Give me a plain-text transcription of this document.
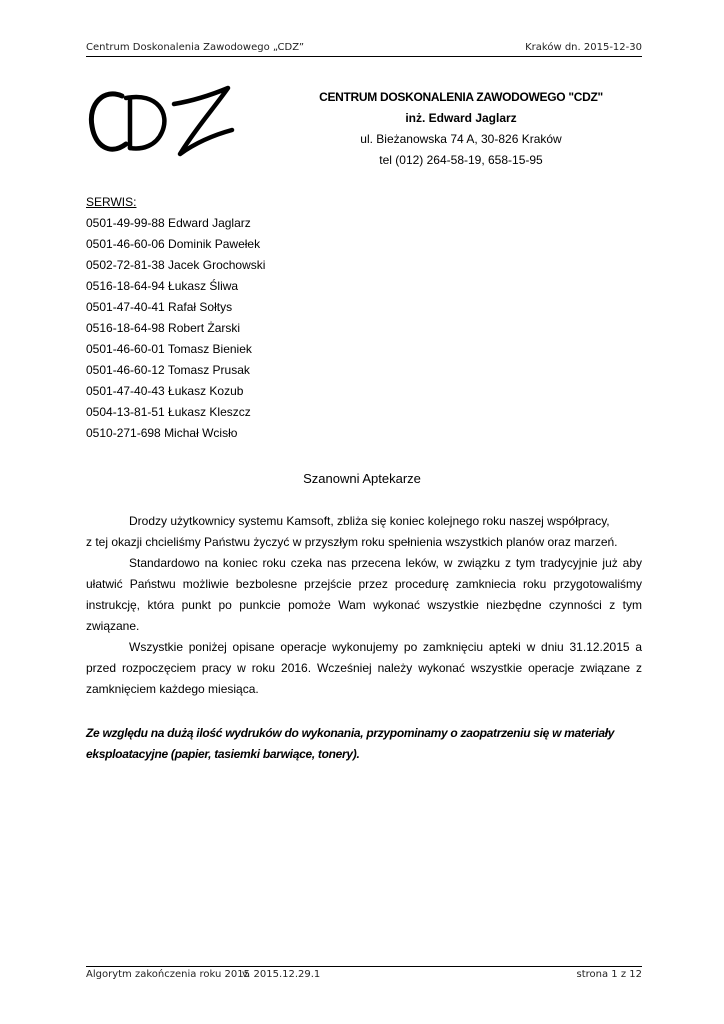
Centrum Doskonalenia Zawodowego „CDZ”	Kraków dn. 2015-12-30
CENTRUM DOSKONALENIA ZAWODOWEGO "CDZ"
inż. Edward Jaglarz
ul. Bieżanowska 74 A, 30-826 Kraków
tel (012) 264-58-19, 658-15-95
SERWIS:
0501-49-99-88 Edward Jaglarz
0501-46-60-06 Dominik Pawełek
0502-72-81-38 Jacek Grochowski
0516-18-64-94 Łukasz Śliwa
0501-47-40-41 Rafał Sołtys
0516-18-64-98 Robert Żarski
0501-46-60-01 Tomasz Bieniek
0501-46-60-12 Tomasz Prusak
0501-47-40-43 Łukasz Kozub
0504-13-81-51 Łukasz Kleszcz
0510-271-698 Michał Wcisło
Szanowni Aptekarze

Drodzy użytkownicy systemu Kamsoft, zbliża się koniec kolejnego roku naszej współpracy,

z tej okazji chcieliśmy Państwu życzyć w przyszłym roku spełnienia wszystkich planów oraz marzeń.

Standardowo na koniec roku czeka nas przecena leków, w związku z tym tradycyjnie już aby ułatwić Państwu możliwie bezbolesne przejście przez procedurę zamkniecia roku przygotowaliśmy instrukcję, która punkt po punkcie pomoże Wam wykonać wszystkie niezbędne czynności z tym związane.

Wszystkie poniżej opisane operacje wykonujemy po zamknięciu apteki w dniu 31.12.2015 a przed rozpoczęciem pracy w roku 2016. Wcześniej należy wykonać wszystkie operacje związane z zamknięciem każdego miesiąca.

Ze względu na dużą ilość wydruków do wykonania, przypominamy o zaopatrzeniu się w materiały eksploatacyjne (papier, tasiemki barwiące, tonery).
Algorytm zakończenia roku 2015
v. 2015.12.29.1	strona 1 z 12
